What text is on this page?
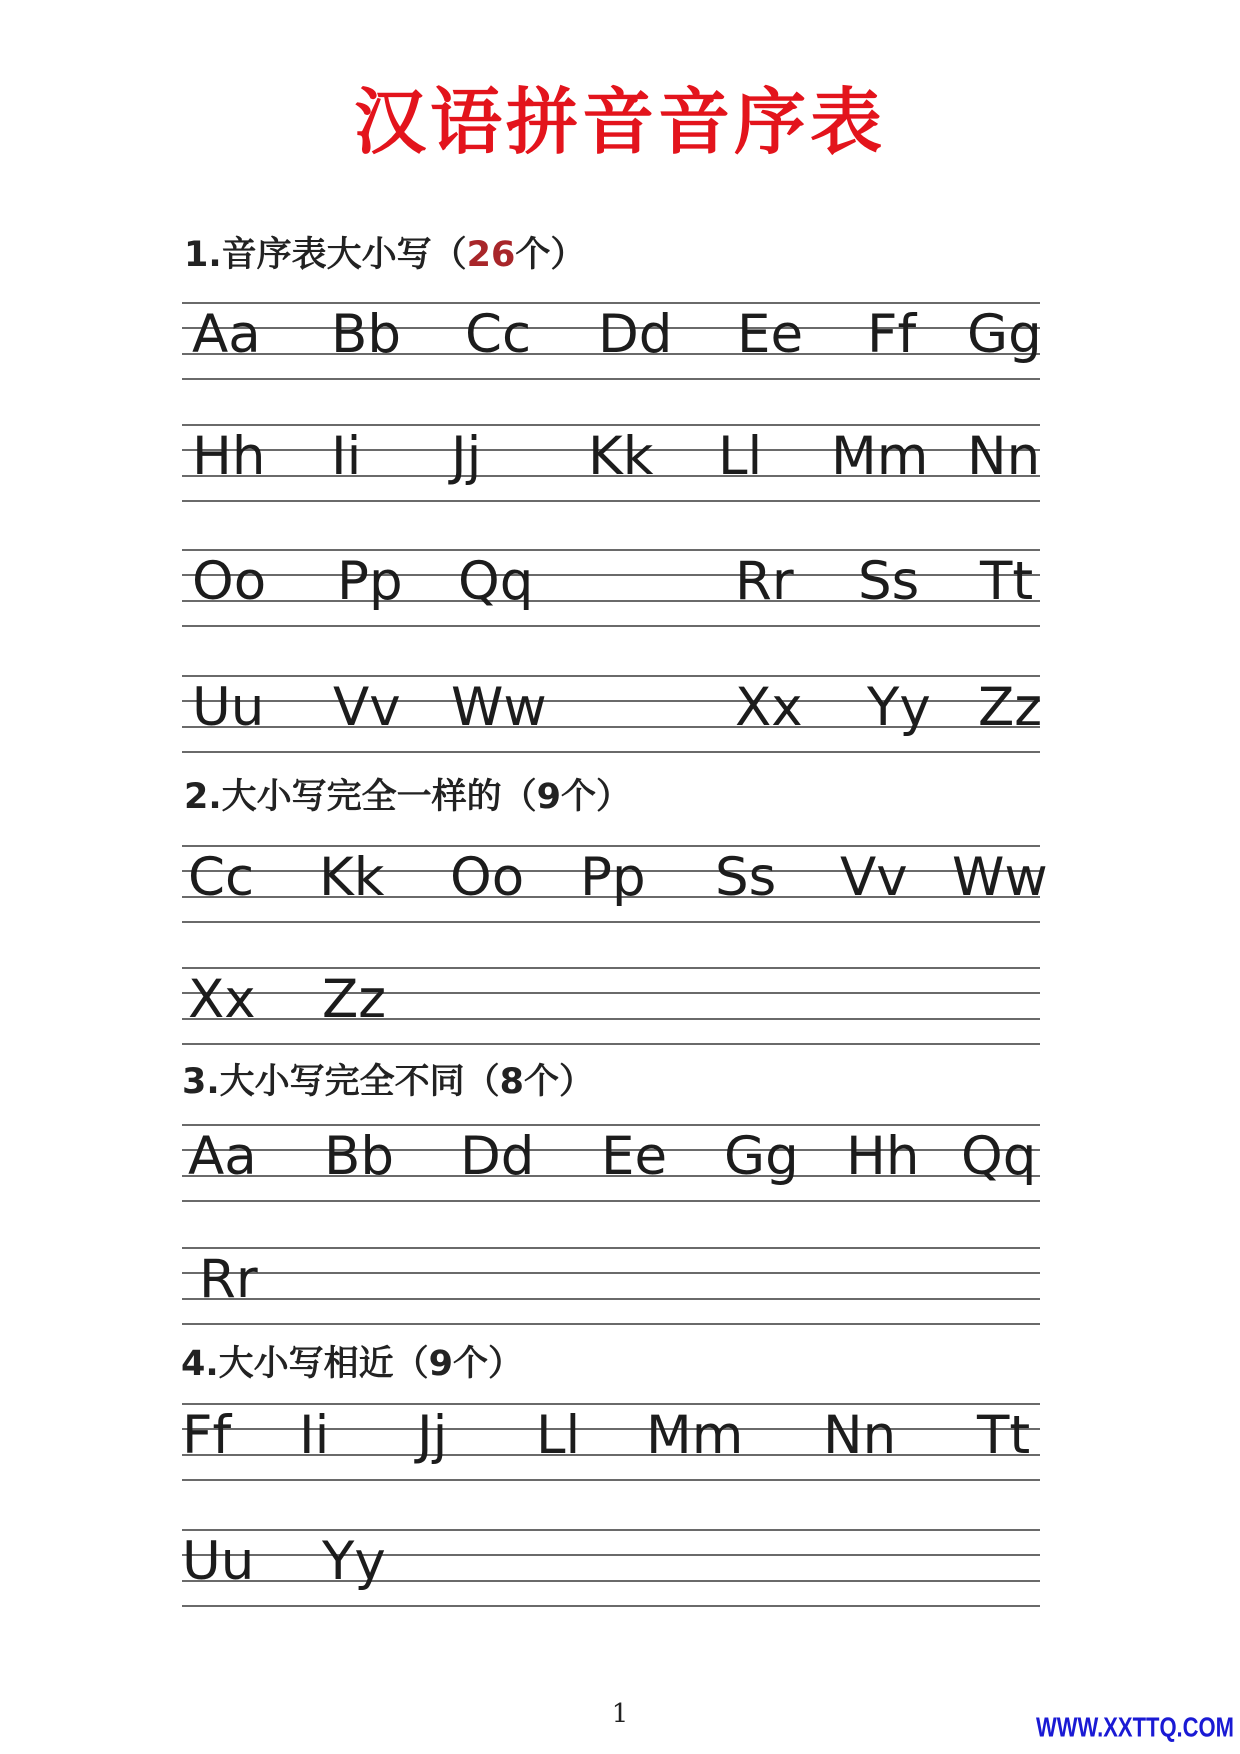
汉语拼音音序表
1.音序表大小写（26个）
Aa Bb Cc Dd Ee Ff Gg
Hh Ii Jj Kk Ll Mm Nn
Oo Pp Qq	Rr Ss Tt
Uu Vv Ww	Xx Yy Zz
2.大小写完全一样的（9个）
Cc Kk Oo Pp Ss Vv Ww
Xx Zz
3.大小写完全不同（8个）
Aa Bb Dd Ee Gg Hh Qq
Rr
4.大小写相近（9个）
Ff Ii Jj Ll Mm Nn Tt
Uu Yy
1	WWW.XXTTQ.COM
